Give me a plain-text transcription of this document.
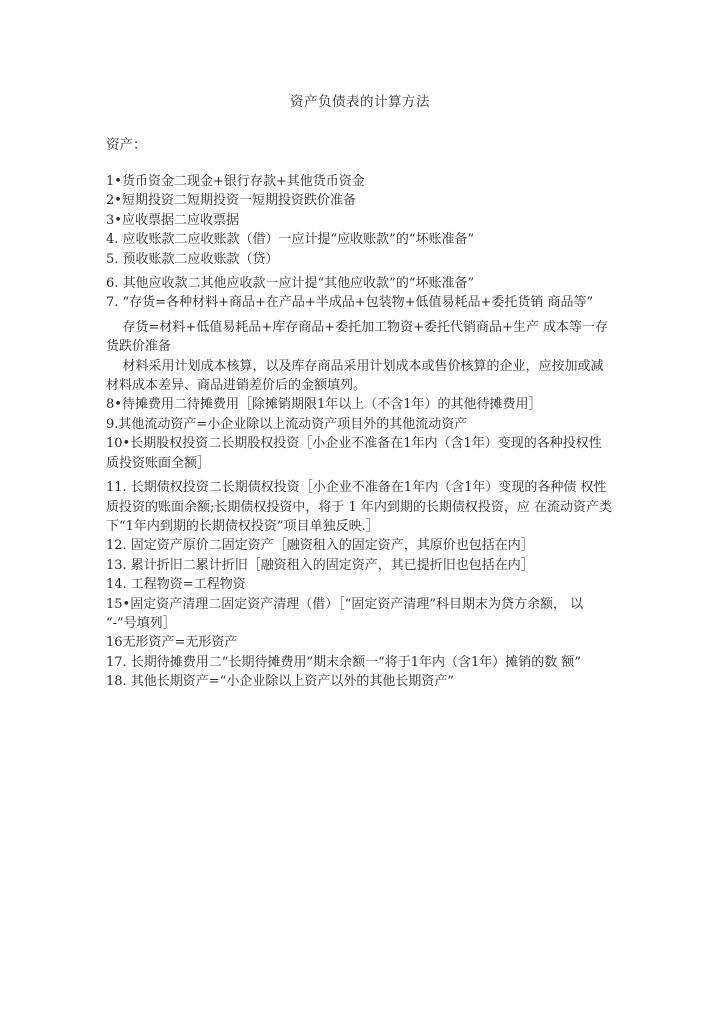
资产负债表的计算方法
资产：
1•货币资金二现金+银行存款+其他货币资金
2•短期投资二短期投资一短期投资跌价准备
3•应收票据二应收票据
4. 应收账款二应收账款（借）一应计提“应收账款”的“坏账准备”
5. 预收账款二应收账款（贷）
6. 其他应收款二其他应收款一应计提“其他应收款”的“坏账准备”
7. “存货=各种材料+商品+在产品+半成品+包装物+低值易耗品+委托货销 商品等”
存货=材料+低值易耗品+库存商品+委托加工物资+委托代销商品+生产 成本等一存货跌价准备
材料采用计划成本核算，以及库存商品采用计划成本或售价核算的企业，应按加或减材料成本差异、商品进销差价后的金额填列。
8•待摊费用二待摊费用［除摊销期限1年以上（不含1年）的其他待摊费用］
9.其他流动资产=小企业除以上流动资产项目外的其他流动资产
10•长期股权投资二长期股权投资［小企业不准备在1年内（含1年）变现的各种投权性质投资账面全额］
11. 长期债权投资二长期债权投资［小企业不准备在1年内（含1年）变现的各种债 权性质投资的账面余额;长期债权投资中，将于 1 年内到期的长期债权投资，应 在流动资产类下“1年内到期的长期债权投资”项目单独反映.］
12. 固定资产原价二固定资产［融资租入的固定资产，其原价也包括在内］
13. 累计折旧二累计折旧［融资租入的固定资产，其已提折旧也包括在内］
14. 工程物资=工程物资
15•固定资产清理二固定资产清理（借）［“固定资产清理”科目期末为贷方余额， 以 “-”号填列］
16无形资产=无形资产
17. 长期待摊费用二“长期待摊费用”期末余额一“将于1年内（含1年）摊销的数 额”
18. 其他长期资产=“小企业除以上资产以外的其他长期资产”
